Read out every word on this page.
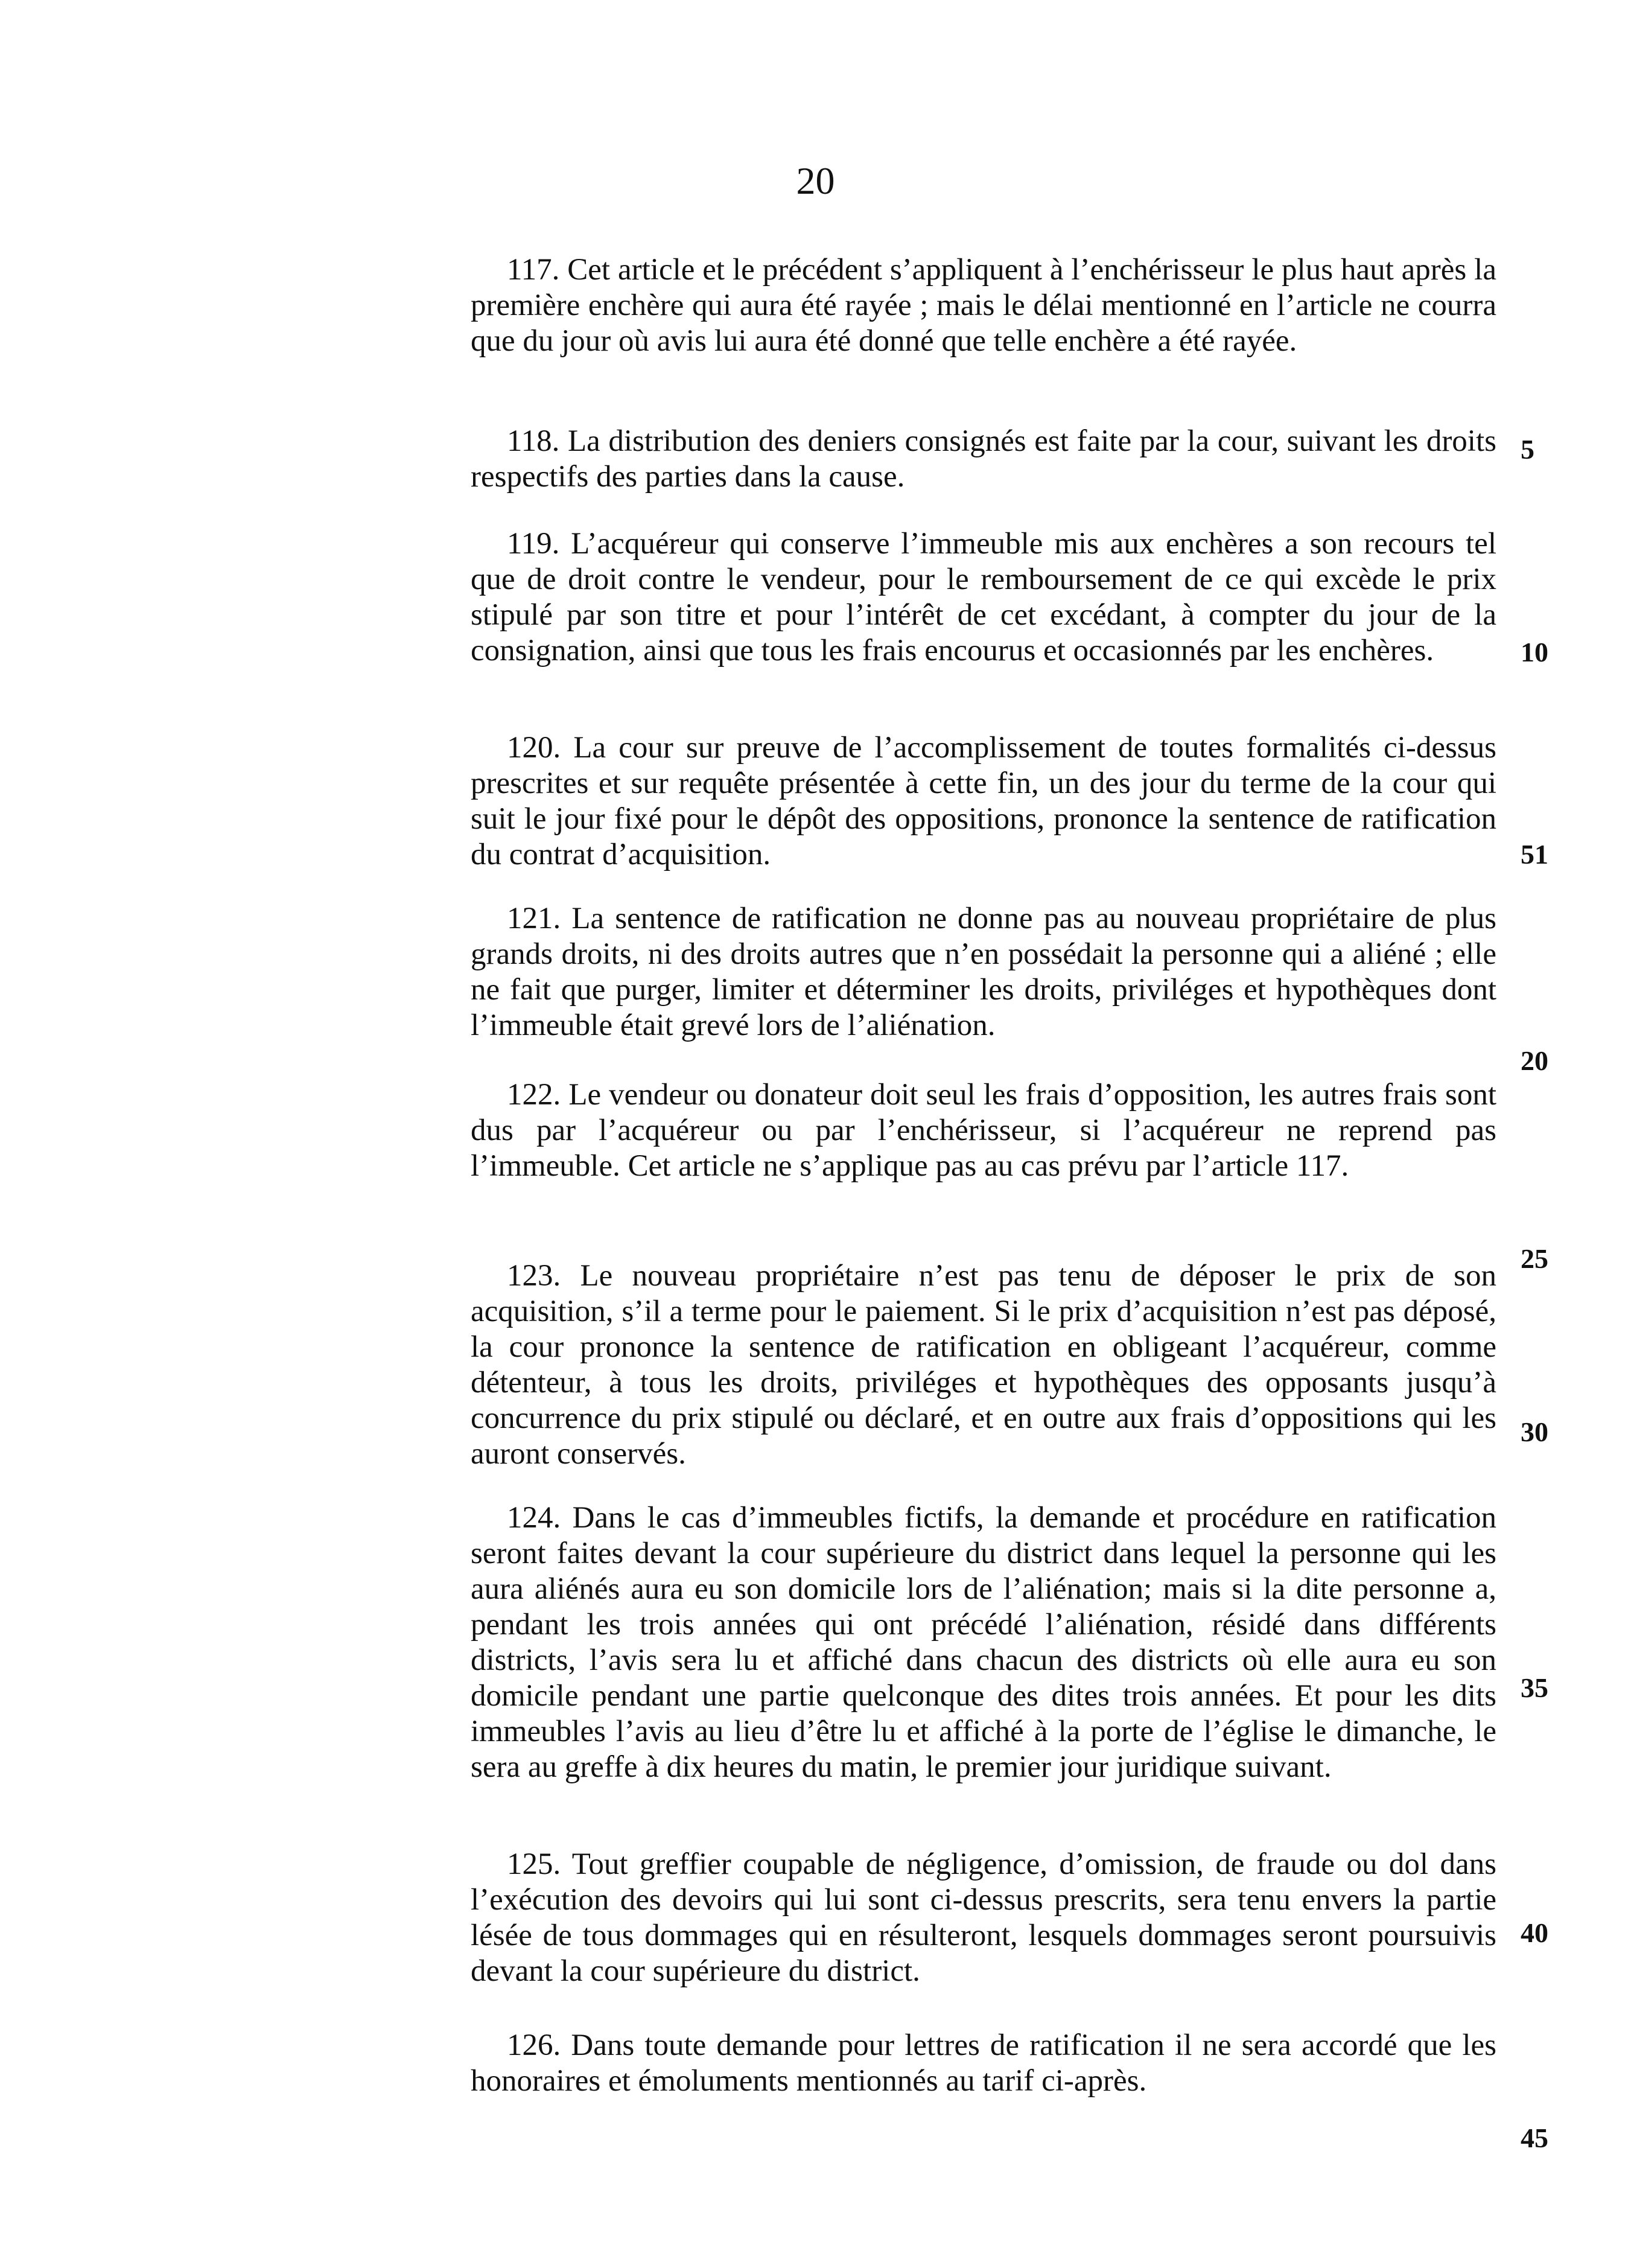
20

117. Cet article et le précédent s’appliquent à l’enchérisseur le plus haut après la première enchère qui aura été rayée ; mais le délai mentionné en l’article ne courra que du jour où avis lui aura été donné que telle enchère a été rayée.

118. La distribution des deniers consignés est faite par la cour, suivant les droits respectifs des parties dans la cause.

119. L’acquéreur qui conserve l’immeuble mis aux enchères a son recours tel que de droit contre le vendeur, pour le remboursement de ce qui excède le prix stipulé par son titre et pour l’intérêt de cet excédant, à compter du jour de la consignation, ainsi que tous les frais encourus et occasionnés par les enchères.

120. La cour sur preuve de l’accomplissement de toutes formalités ci-dessus prescrites et sur requête présentée à cette fin, un des jour du terme de la cour qui suit le jour fixé pour le dépôt des oppositions, prononce la sentence de ratification du contrat d’acquisition.

121. La sentence de ratification ne donne pas au nouveau propriétaire de plus grands droits, ni des droits autres que n’en possédait la personne qui a aliéné ; elle ne fait que purger, limiter et déterminer les droits, priviléges et hypothèques dont l’immeuble était grevé lors de l’aliénation.

122. Le vendeur ou donateur doit seul les frais d’opposition, les autres frais sont dus par l’acquéreur ou par l’enchérisseur, si l’acquéreur ne reprend pas l’immeuble. Cet article ne s’applique pas au cas prévu par l’article 117.

123. Le nouveau propriétaire n’est pas tenu de déposer le prix de son acquisition, s’il a terme pour le paiement. Si le prix d’acquisition n’est pas déposé, la cour prononce la sentence de ratification en obligeant l’acquéreur, comme détenteur, à tous les droits, priviléges et hypothèques des opposants jusqu’à concurrence du prix stipulé ou déclaré, et en outre aux frais d’oppositions qui les auront conservés.

124. Dans le cas d’immeubles fictifs, la demande et procédure en ratification seront faites devant la cour supérieure du district dans lequel la personne qui les aura aliénés aura eu son domicile lors de l’aliénation; mais si la dite personne a, pendant les trois années qui ont précédé l’aliénation, résidé dans différents districts, l’avis sera lu et affiché dans chacun des districts où elle aura eu son domicile pendant une partie quelconque des dites trois années. Et pour les dits immeubles l’avis au lieu d’être lu et affiché à la porte de l’église le dimanche, le sera au greffe à dix heures du matin, le premier jour juridique suivant.

125. Tout greffier coupable de négligence, d’omission, de fraude ou dol dans l’exécution des devoirs qui lui sont ci-dessus prescrits, sera tenu envers la partie lésée de tous dommages qui en résulteront, lesquels dommages seront poursuivis devant la cour supérieure du district.

126. Dans toute demande pour lettres de ratification il ne sera accordé que les honoraires et émoluments mentionnés au tarif ci-après.

5
10
51
20
25
30
35
40
45
